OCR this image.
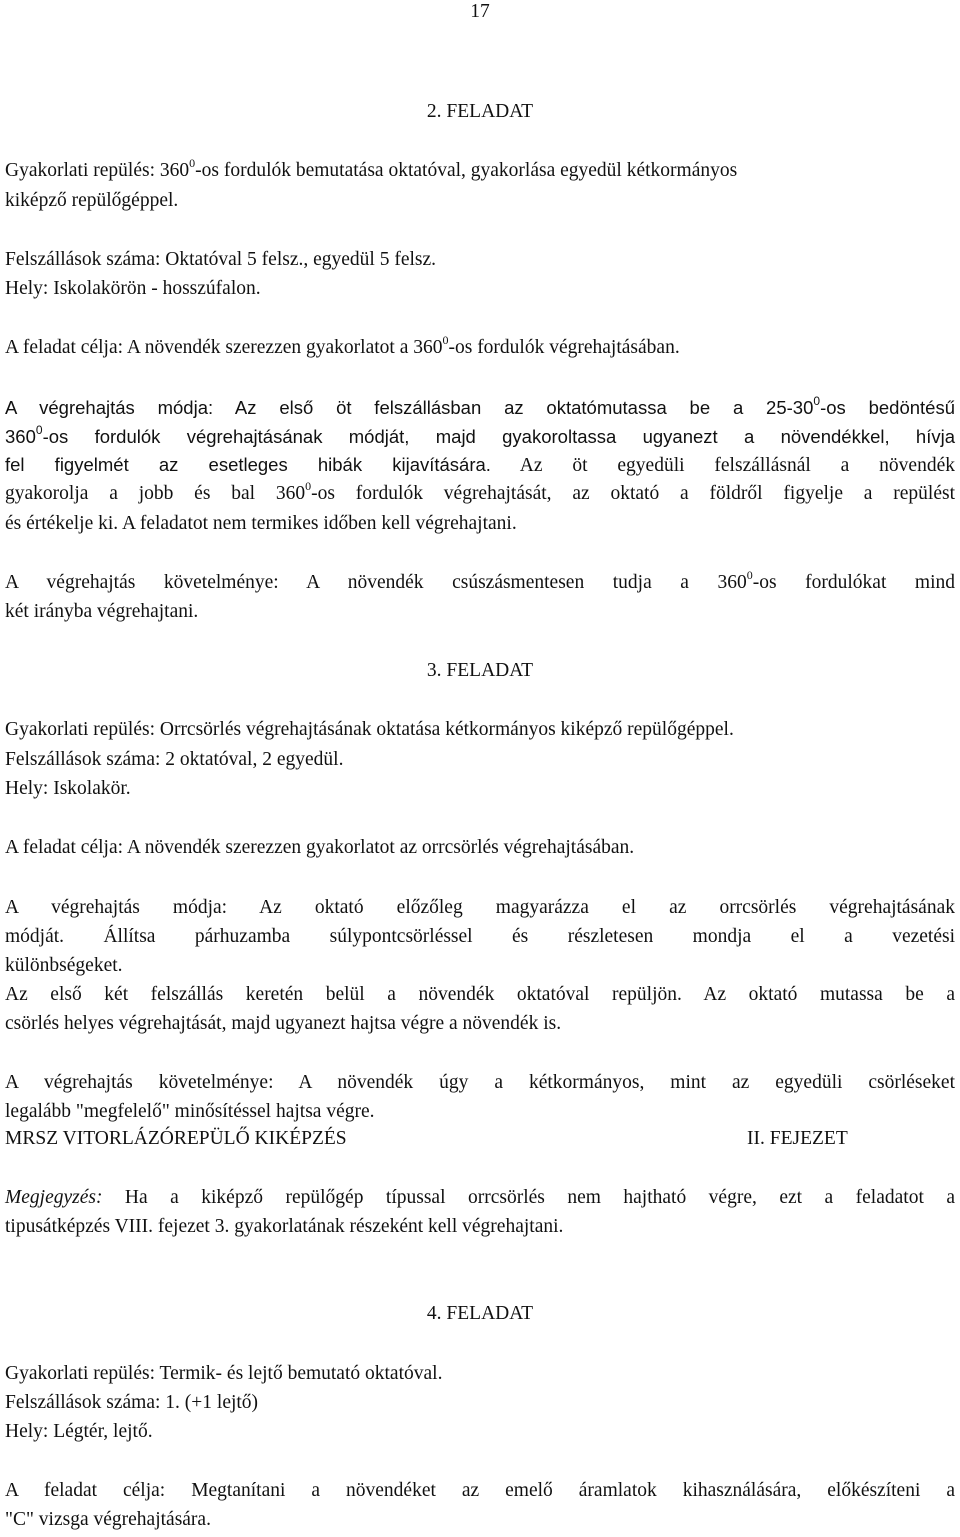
17
2. FELADAT
Gyakorlati repülés: $360^0-os$ fordulók bemutatása oktatóval, gyakorlása egyedül kétkormányos
kiképző repülőgéppel.
Felszállások száma: Oktatóval 5 felsz., egyedül 5 felsz.
Hely: Iskolakörön - hosszúfalon.
A feladat célja: A növendék szerezzen gyakorlatot a $360^0-os$ fordulók végrehajtásában.
A végrehajtás módja: Az első öt felszállásban az oktatómutassa be a $25-30^0-os$ bedöntésű
$360^0-os$ fordulók végrehajtásának módját, majd gyakoroltassa ugyanezt a növendékkel, hívja
fel figyelmét az esetleges hibák kijavítására. Az öt egyedüli felszállásnál a növendék
gyakorolja a jobb és bal $360^0-os$ fordulók végrehajtását, az oktató a földről figyelje a repülést
és értékelje ki. A feladatot nem termikes időben kell végrehajtani.
A végrehajtás követelménye: A növendék csúszásmentesen tudja a $360^0-os$ fordulókat mind
két irányba végrehajtani.
3. FELADAT
Gyakorlati repülés: Orrcsörlés végrehajtásának oktatása kétkormányos kiképző repülőgéppel.
Felszállások száma: 2 oktatóval, 2 egyedül.
Hely: Iskolakör.
A feladat célja: A növendék szerezzen gyakorlatot az orrcsörlés végrehajtásában.
A végrehajtás módja: Az oktató előzőleg magyarázza el az orrcsörlés végrehajtásának
módját. Állítsa párhuzamba súlypontcsörléssel és részletesen mondja el a vezetési
különbségeket.
Az első két felszállás keretén belül a növendék oktatóval repüljön. Az oktató mutassa be a
csörlés helyes végrehajtását, majd ugyanezt hajtsa végre a növendék is.
A végrehajtás követelménye: A növendék úgy a kétkormányos, mint az egyedüli csörléseket
legalább "megfelelő" minősítéssel hajtsa végre.
MRSZ VITORLÁZÓREPÜLŐ KIKÉPZÉS	II. FEJEZET
Megjegyzés: Ha a kiképző repülőgép típussal orrcsörlés nem hajtható végre, ezt a feladatot a
tipusátképzés VIII. fejezet 3. gyakorlatának részeként kell végrehajtani.
4. FELADAT
Gyakorlati repülés: Termik- és lejtő bemutató oktatóval.
Felszállások száma: 1. (+1 lejtő)
Hely: Légtér, lejtő.
A feladat célja: Megtanítani a növendéket az emelő áramlatok kihasználására, előkészíteni a
"C" vizsga végrehajtására.
